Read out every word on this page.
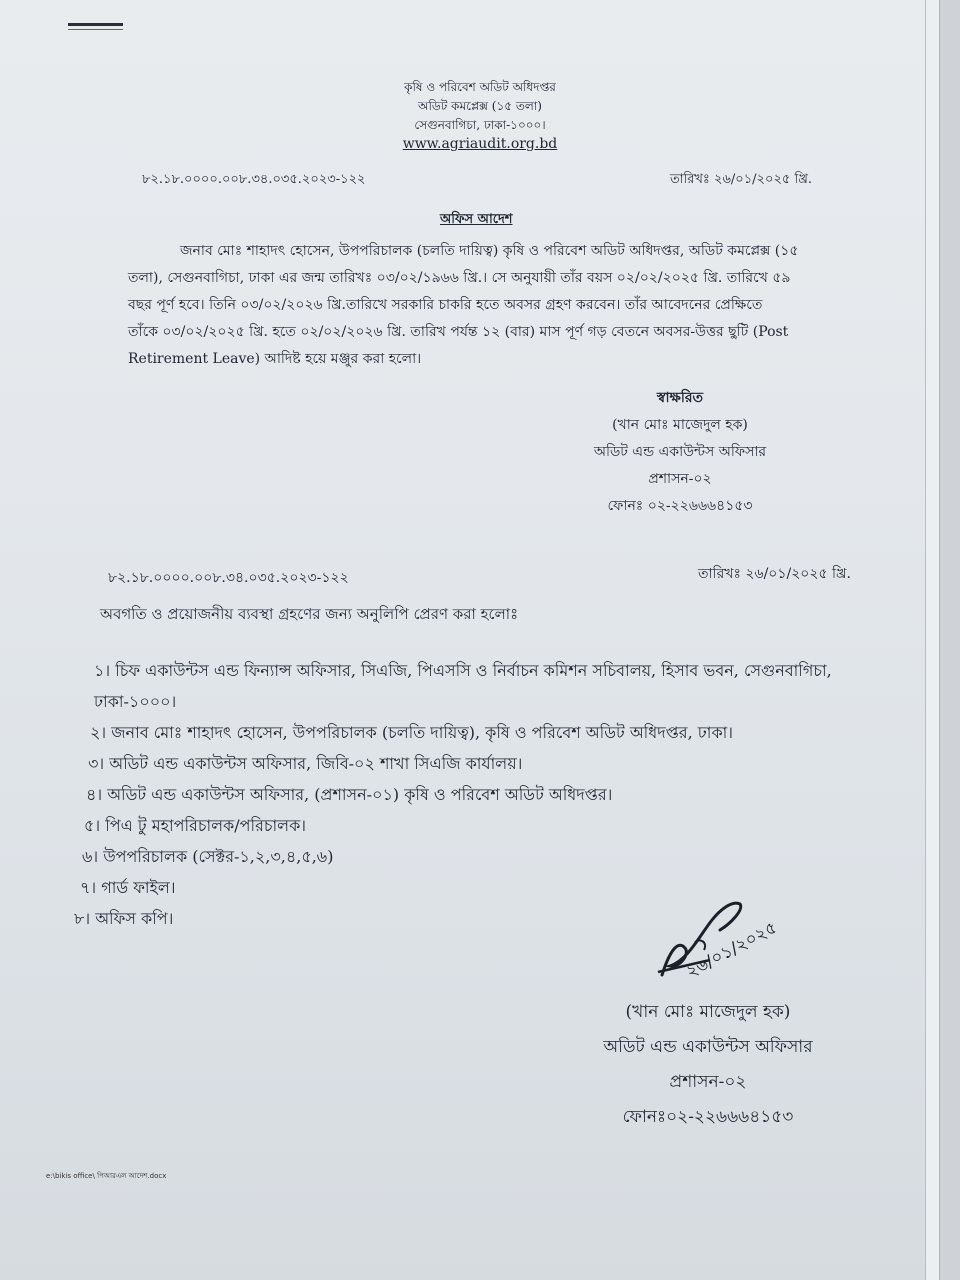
কৃষি ও পরিবেশ অডিট অধিদপ্তর
অডিট কমপ্লেক্স (১৫ তলা)
সেগুনবাগিচা, ঢাকা-১০০০।
www.agriaudit.org.bd
৮২.১৮.০০০০.০০৮.৩৪.০৩৫.২০২৩-১২২	তারিখঃ ২৬/০১/২০২৫ খ্রি.
অফিস আদেশ
জনাব মোঃ শাহাদৎ হোসেন, উপপরিচালক (চলতি দায়িত্ব) কৃষি ও পরিবেশ অডিট অধিদপ্তর, অডিট কমপ্লেক্স (১৫
তলা), সেগুনবাগিচা, ঢাকা এর জন্ম তারিখঃ ০৩/০২/১৯৬৬ খ্রি.। সে অনুযায়ী তাঁর বয়স ০২/০২/২০২৫ খ্রি. তারিখে ৫৯
বছর পূর্ণ হবে। তিনি ০৩/০২/২০২৬ খ্রি.তারিখে সরকারি চাকরি হতে অবসর গ্রহণ করবেন। তাঁর আবেদনের প্রেক্ষিতে
তাঁকে ০৩/০২/২০২৫ খ্রি. হতে ০২/০২/২০২৬ খ্রি. তারিখ পর্যন্ত ১২ (বার) মাস পূর্ণ গড় বেতনে অবসর-উত্তর ছুটি (Post
Retirement Leave) আদিষ্ট হয়ে মঞ্জুর করা হলো।
স্বাক্ষরিত
(খান মোঃ মাজেদুল হক)
অডিট এন্ড একাউন্টস অফিসার
প্রশাসন-০২
ফোনঃ ০২-২২৬৬৬৪১৫৩
৮২.১৮.০০০০.০০৮.৩৪.০৩৫.২০২৩-১২২	তারিখঃ ২৬/০১/২০২৫ খ্রি.
অবগতি ও প্রয়োজনীয় ব্যবস্থা গ্রহণের জন্য অনুলিপি প্রেরণ করা হলোঃ
১। চিফ একাউন্টস এন্ড ফিন্যান্স অফিসার, সিএজি, পিএসসি ও নির্বাচন কমিশন সচিবালয়, হিসাব ভবন, সেগুনবাগিচা,
ঢাকা-১০০০।
২। জনাব মোঃ শাহাদৎ হোসেন, উপপরিচালক (চলতি দায়িত্ব), কৃষি ও পরিবেশ অডিট অধিদপ্তর, ঢাকা।
৩। অডিট এন্ড একাউন্টস অফিসার, জিবি-০২ শাখা সিএজি কার্যালয়।
৪। অডিট এন্ড একাউন্টস অফিসার, (প্রশাসন-০১) কৃষি ও পরিবেশ অডিট অধিদপ্তর।
৫। পিএ টু মহাপরিচালক/পরিচালক।
৬। উপপরিচালক (সেক্টর-১,২,৩,৪,৫,৬)
৭। গার্ড ফাইল।
৮। অফিস কপি।	২৬/০১/২০২৫
(খান মোঃ মাজেদুল হক)
অডিট এন্ড একাউন্টস অফিসার
প্রশাসন-০২
ফোনঃ০২-২২৬৬৬৪১৫৩
e:\bikis office\ পিআরএল আদেশ.docx
